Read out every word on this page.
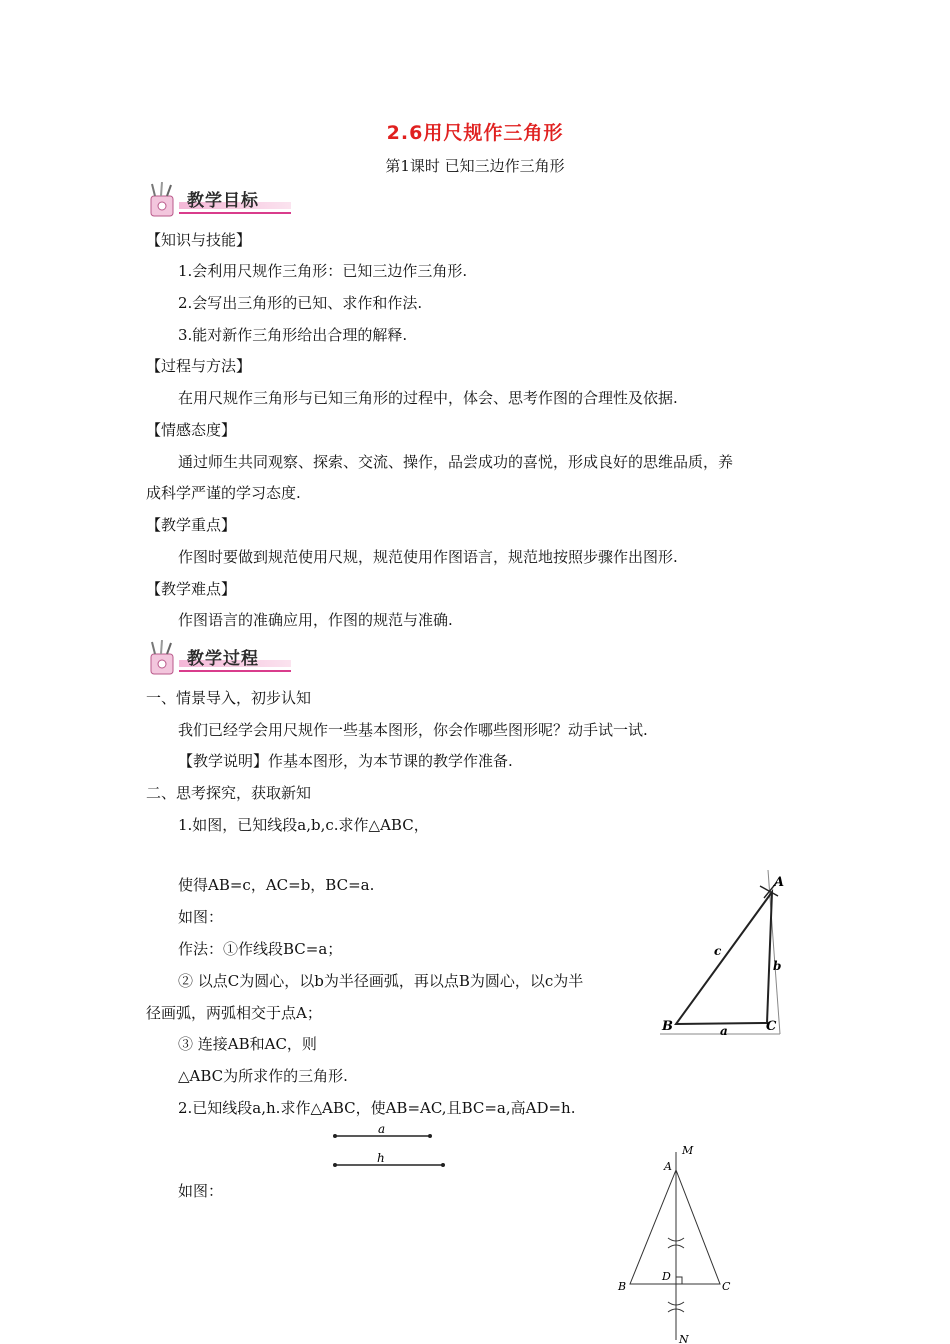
2.6用尺规作三角形
第1课时 已知三边作三角形
教学目标
【知识与技能】
1.会利用尺规作三角形：已知三边作三角形.
2.会写出三角形的已知、求作和作法.
3.能对新作三角形给出合理的解释.
【过程与方法】
在用尺规作三角形与已知三角形的过程中，体会、思考作图的合理性及依据.
【情感态度】
通过师生共同观察、探索、交流、操作，品尝成功的喜悦，形成良好的思维品质，养
成科学严谨的学习态度.
【教学重点】
作图时要做到规范使用尺规，规范使用作图语言，规范地按照步骤作出图形.
【教学难点】
作图语言的准确应用，作图的规范与准确.
教学过程
一、情景导入，初步认知
我们已经学会用尺规作一些基本图形，你会作哪些图形呢？动手试一试.
【教学说明】作基本图形，为本节课的教学作准备.
二、思考探究，获取新知
1.如图，已知线段a,b,c.求作△ABC，
使得AB=c，AC=b，BC=a.
如图：
作法：①作线段BC=a；
② 以点C为圆心，以b为半径画弧，再以点B为圆心，以c为半
径画弧，两弧相交于点A；
③ 连接AB和AC，则
△ABC为所求作的三角形.
2.已知线段a,h.求作△ABC，使AB=AC,且BC=a,高AD=h.
如图：
A
B	C
a
b
c
a
h
M
A
B	C
D
N
